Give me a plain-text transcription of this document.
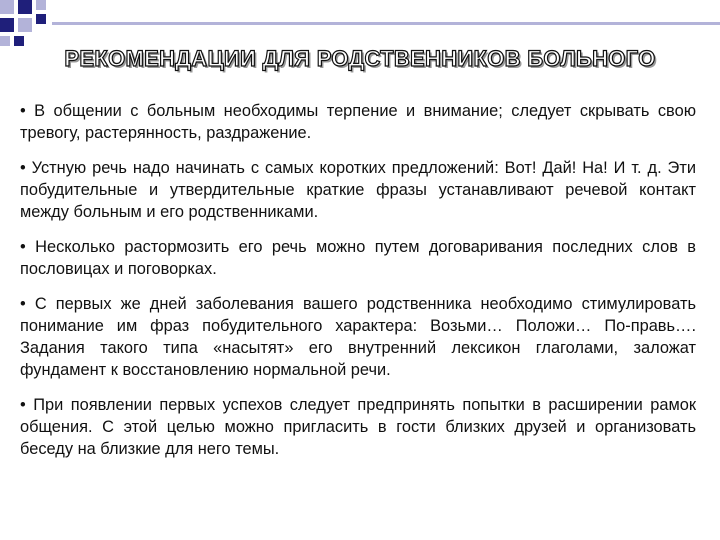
РЕКОМЕНДАЦИИ ДЛЯ РОДСТВЕННИКОВ БОЛЬНОГО

• В общении с больным необходимы терпение и внимание; следует скрывать свою тревогу, растерянность, раздражение.

• Устную речь надо начинать с самых коротких предложений: Вот! Дай! На! И т. д. Эти побудительные и утвердительные краткие фразы устанавливают речевой контакт между больным и его родственниками.

• Несколько растормозить его речь можно путем договаривания последних слов в пословицах и поговорках.

• С первых же дней заболевания вашего родственника необходимо стимулировать понимание им фраз побудительного характера: Возьми… Положи… По-правь…. Задания такого типа «насытят» его внутренний лексикон глаголами, заложат фундамент к восстановлению нормальной речи.

• При появлении первых успехов следует предпринять попытки в расширении рамок общения. С этой целью можно пригласить в гости близких друзей и организовать беседу на близкие для него темы.
